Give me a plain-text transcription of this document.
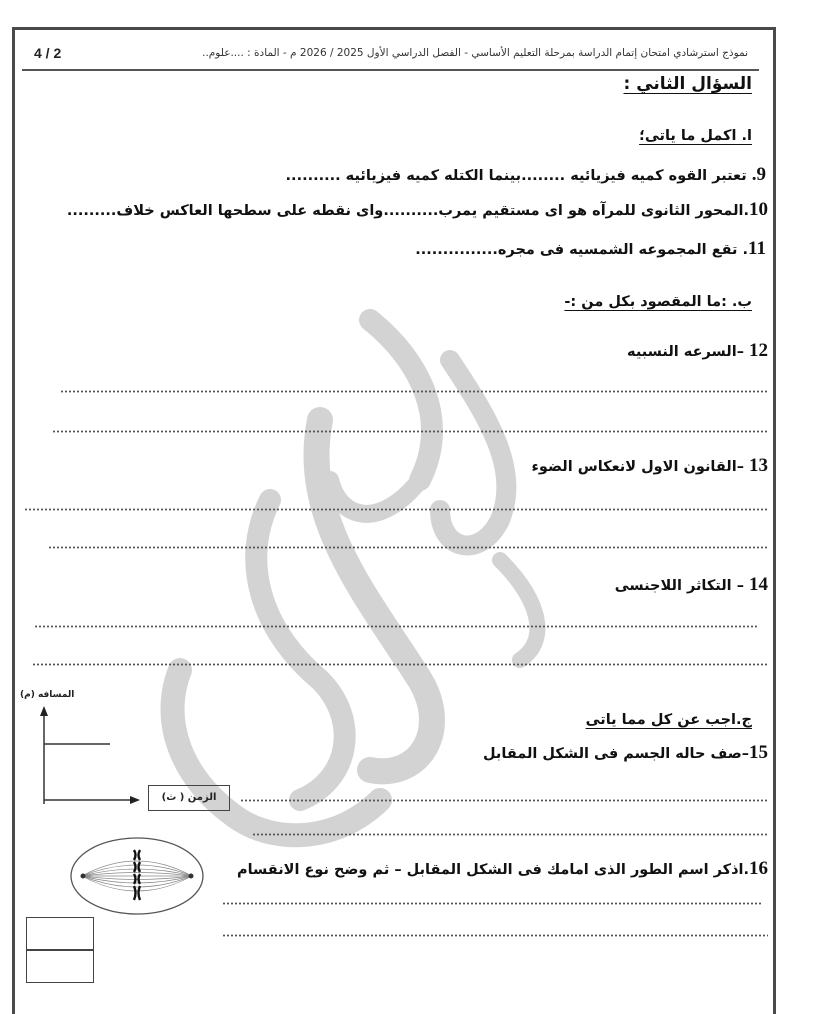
نموذج استرشادي امتحان إتمام الدراسة بمرحلة التعليم الأساسي - الفصل الدراسي الأول 2025 / 2026 م - المادة : ....علوم..
4 / 2
السؤال الثاني :
ا. اكمل ما ياتى؛
9. تعتبر القوه كميه فيزيائيه ........بينما الكتله كميه فيزيائيه ..........
10.المحور الثانوى للمرآه هو اى مستقيم يمرب..........واى نقطه على سطحها العاكس خلاف.........
11. تقع المجموعه الشمسيه فى مجره...............
ب. :ما المقصود بكل من :-
12 –السرعه النسبيه
13 –القانون الاول لانعكاس الضوء
14 – التكاثر اللاجنسى
ج.اجب عن كل مما ياتى
15–صف حاله الجسم فى الشكل المقابل
16.اذكر اسم الطور الذى امامك فى الشكل المقابل – ثم وضح نوع الانقسام
المسافه (م)
الزمن ( ث)
